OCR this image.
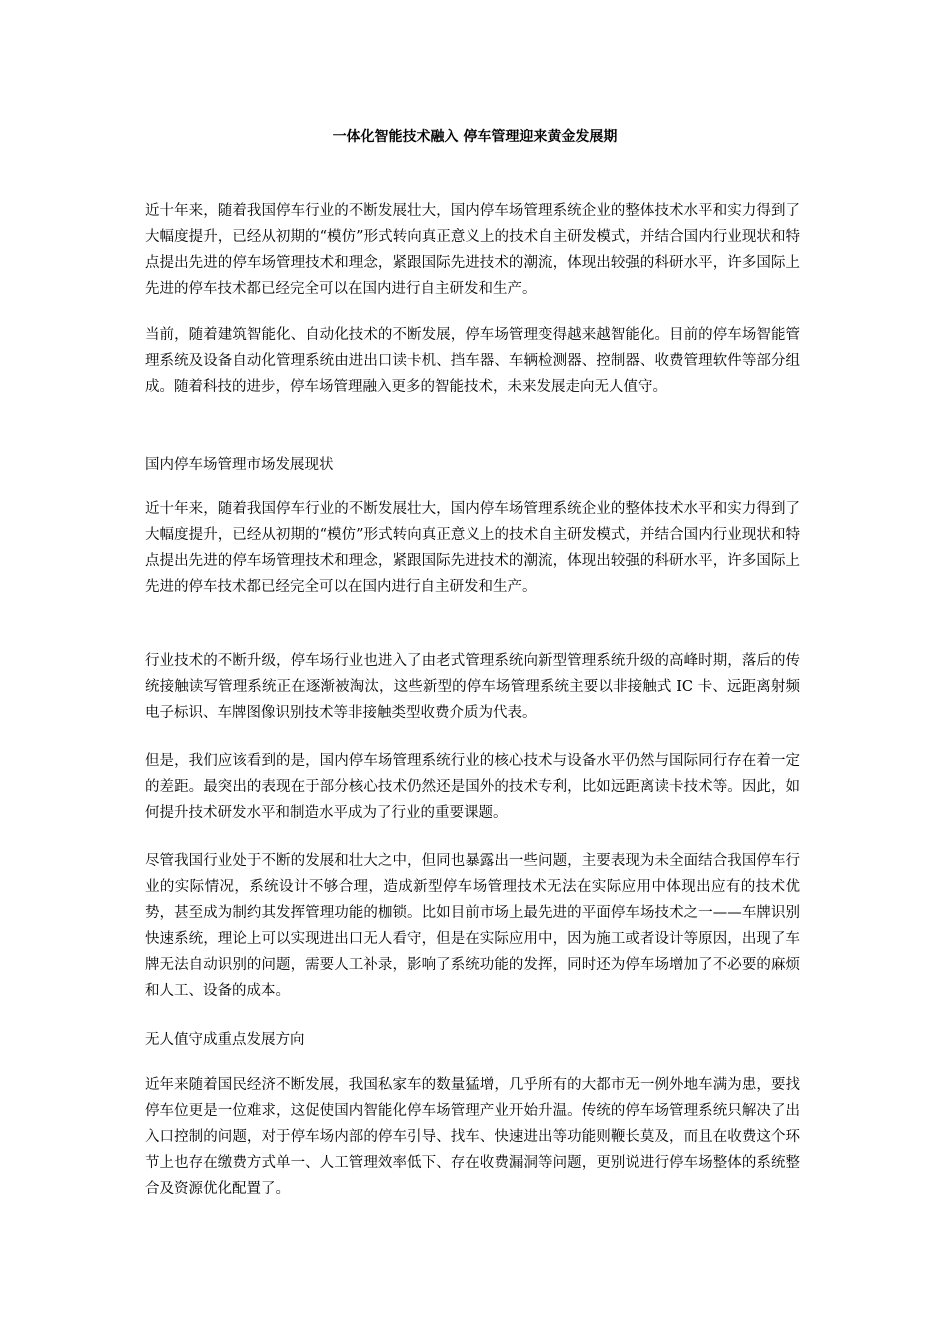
一体化智能技术融入 停车管理迎来黄金发展期

近十年来，随着我国停车行业的不断发展壮大，国内停车场管理系统企业的整体技术水平和实力得到了大幅度提升，已经从初期的“模仿”形式转向真正意义上的技术自主研发模式，并结合国内行业现状和特点提出先进的停车场管理技术和理念，紧跟国际先进技术的潮流，体现出较强的科研水平，许多国际上先进的停车技术都已经完全可以在国内进行自主研发和生产。

当前，随着建筑智能化、自动化技术的不断发展，停车场管理变得越来越智能化。目前的停车场智能管理系统及设备自动化管理系统由进出口读卡机、挡车器、车辆检测器、控制器、收费管理软件等部分组成。随着科技的进步，停车场管理融入更多的智能技术，未来发展走向无人值守。

国内停车场管理市场发展现状

近十年来，随着我国停车行业的不断发展壮大，国内停车场管理系统企业的整体技术水平和实力得到了大幅度提升，已经从初期的“模仿”形式转向真正意义上的技术自主研发模式，并结合国内行业现状和特点提出先进的停车场管理技术和理念，紧跟国际先进技术的潮流，体现出较强的科研水平，许多国际上先进的停车技术都已经完全可以在国内进行自主研发和生产。

行业技术的不断升级，停车场行业也进入了由老式管理系统向新型管理系统升级的高峰时期，落后的传统接触读写管理系统正在逐渐被淘汰，这些新型的停车场管理系统主要以非接触式 IC 卡、远距离射频电子标识、车牌图像识别技术等非接触类型收费介质为代表。

但是，我们应该看到的是，国内停车场管理系统行业的核心技术与设备水平仍然与国际同行存在着一定的差距。最突出的表现在于部分核心技术仍然还是国外的技术专利，比如远距离读卡技术等。因此，如何提升技术研发水平和制造水平成为了行业的重要课题。

尽管我国行业处于不断的发展和壮大之中，但同也暴露出一些问题，主要表现为未全面结合我国停车行业的实际情况，系统设计不够合理，造成新型停车场管理技术无法在实际应用中体现出应有的技术优势，甚至成为制约其发挥管理功能的枷锁。比如目前市场上最先进的平面停车场技术之一——车牌识别快速系统，理论上可以实现进出口无人看守，但是在实际应用中，因为施工或者设计等原因，出现了车牌无法自动识别的问题，需要人工补录，影响了系统功能的发挥，同时还为停车场增加了不必要的麻烦和人工、设备的成本。

无人值守成重点发展方向

近年来随着国民经济不断发展，我国私家车的数量猛增，几乎所有的大都市无一例外地车满为患，要找停车位更是一位难求，这促使国内智能化停车场管理产业开始升温。传统的停车场管理系统只解决了出入口控制的问题，对于停车场内部的停车引导、找车、快速进出等功能则鞭长莫及，而且在收费这个环节上也存在缴费方式单一、人工管理效率低下、存在收费漏洞等问题，更别说进行停车场整体的系统整合及资源优化配置了。
